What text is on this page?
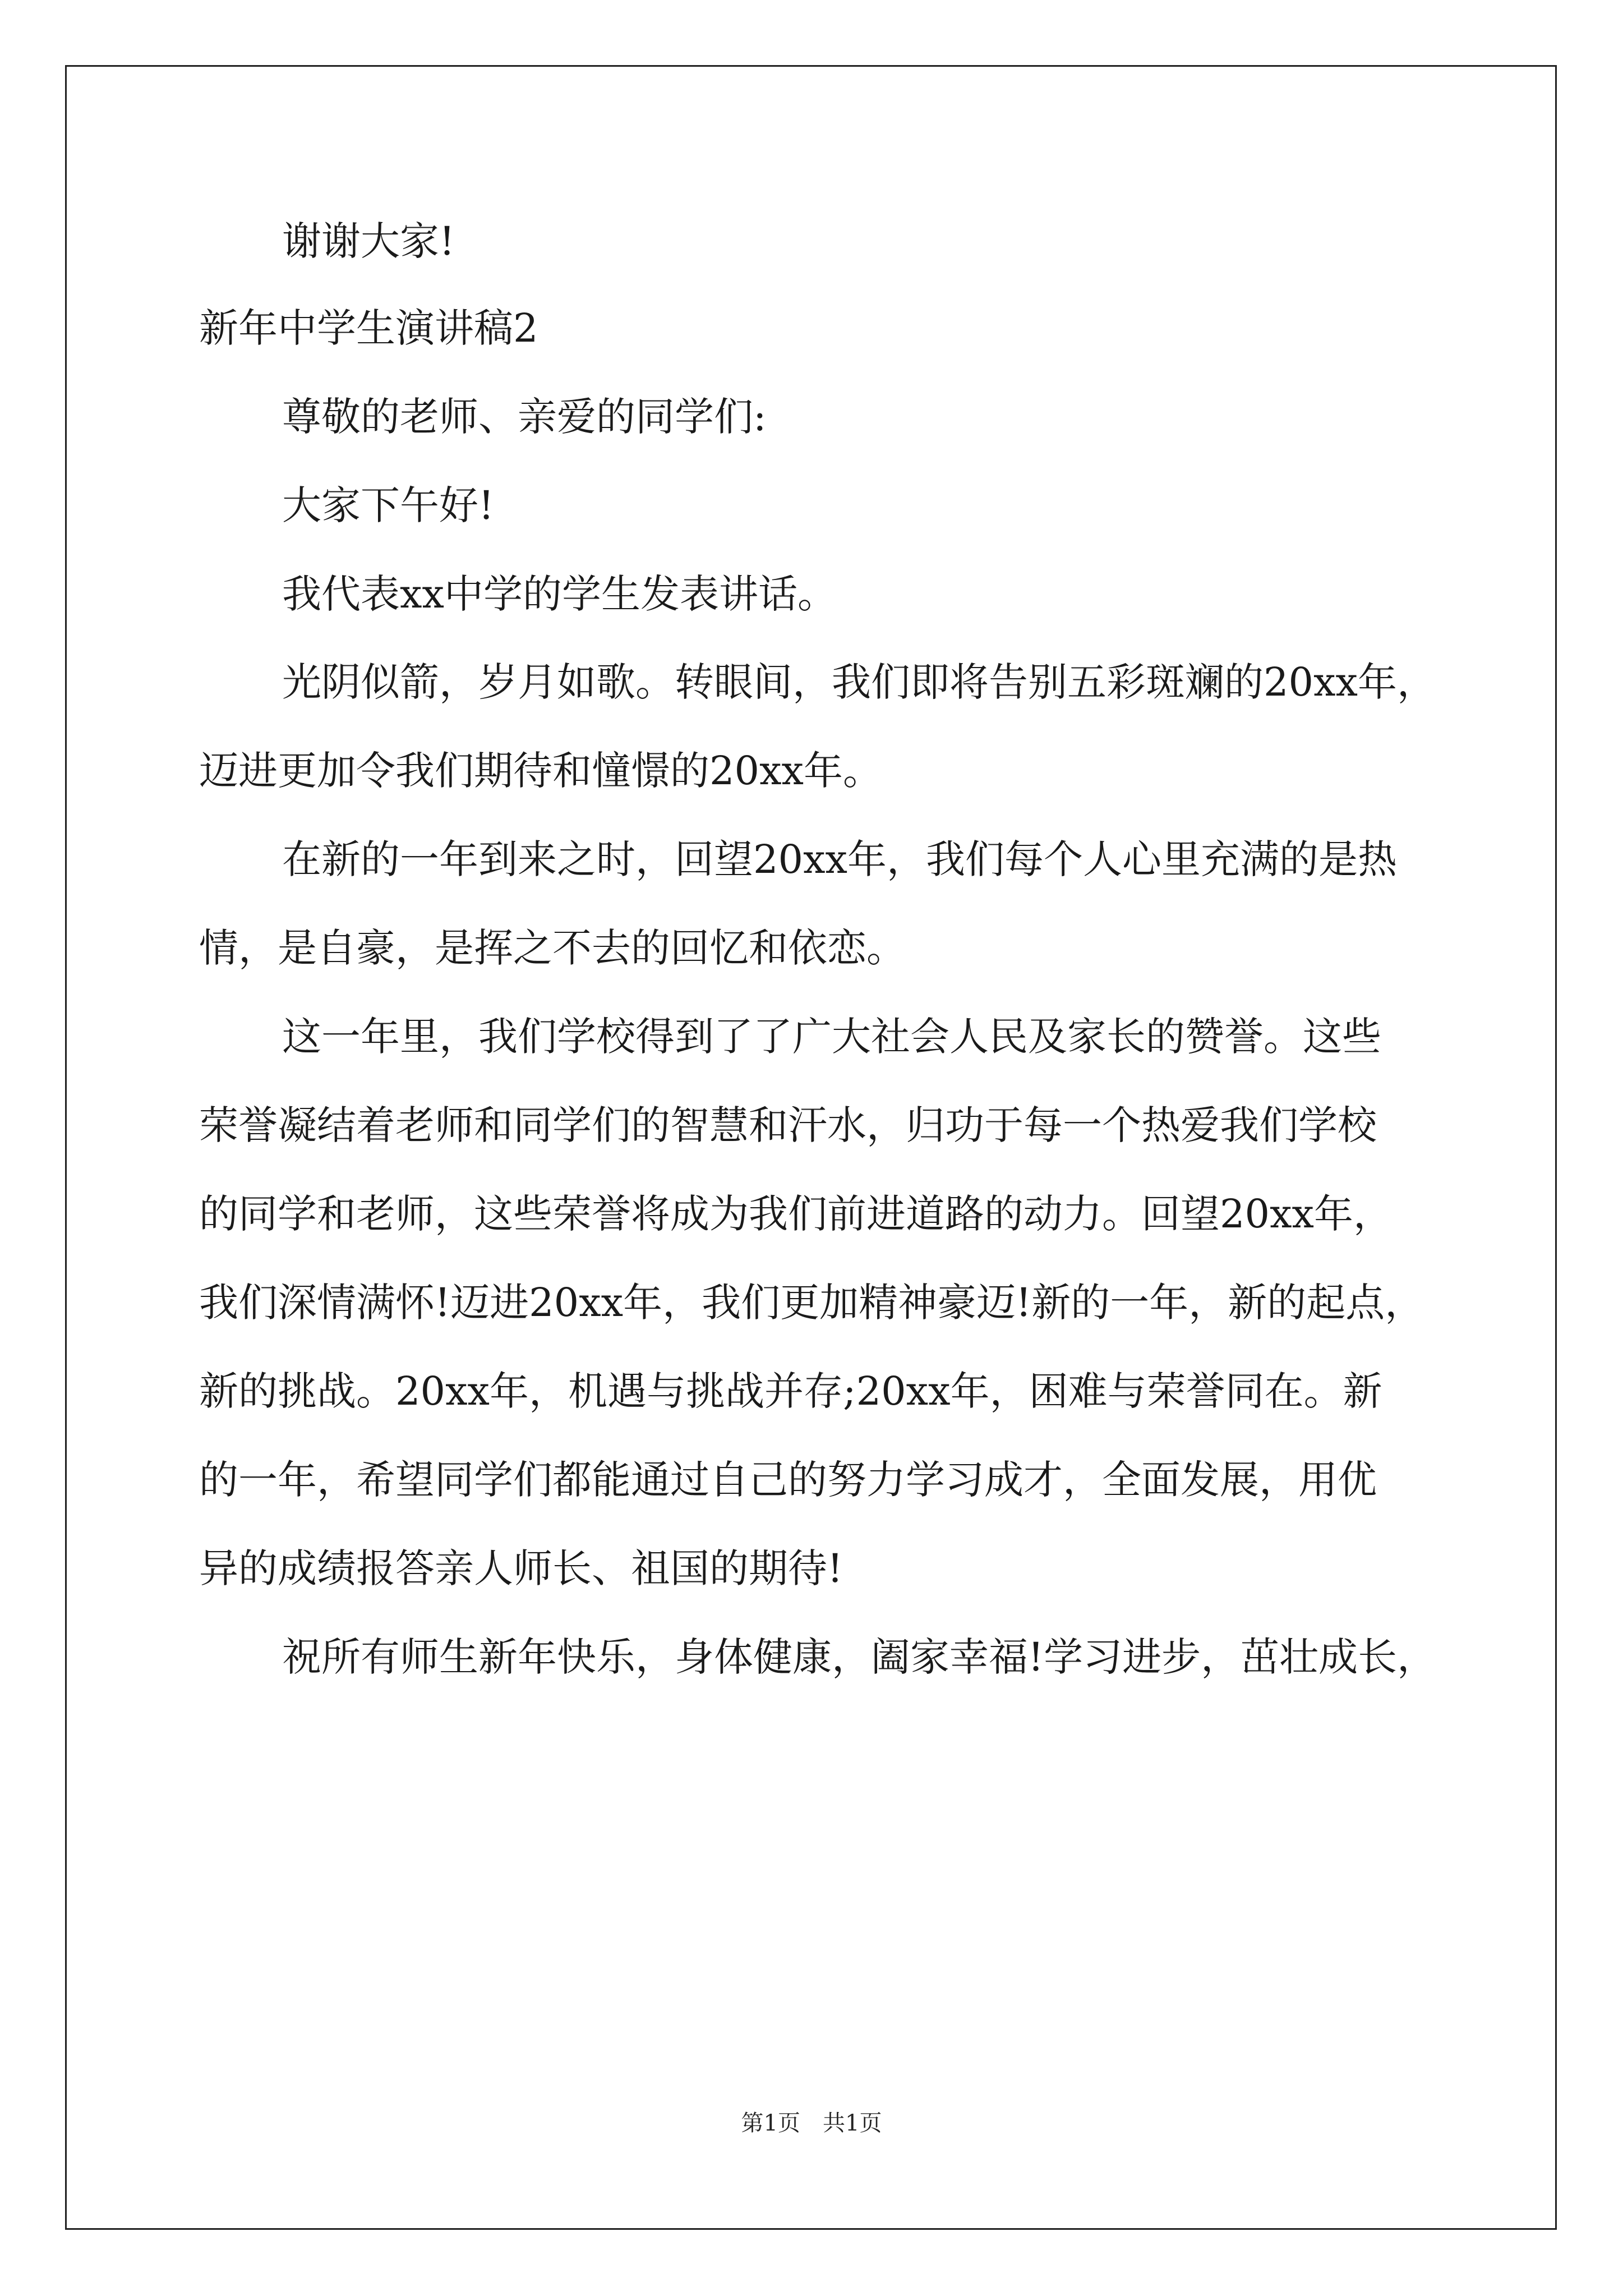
谢谢大家!
新年中学生演讲稿2
尊敬的老师、亲爱的同学们:
大家下午好!
我代表xx中学的学生发表讲话。
光阴似箭，岁月如歌。转眼间，我们即将告别五彩斑斓的20xx年，
迈进更加令我们期待和憧憬的20xx年。
在新的一年到来之时，回望20xx年，我们每个人心里充满的是热
情，是自豪，是挥之不去的回忆和依恋。
这一年里，我们学校得到了了广大社会人民及家长的赞誉。这些
荣誉凝结着老师和同学们的智慧和汗水，归功于每一个热爱我们学校
的同学和老师，这些荣誉将成为我们前进道路的动力。回望20xx年，
我们深情满怀!迈进20xx年，我们更加精神豪迈!新的一年，新的起点，
新的挑战。20xx年，机遇与挑战并存;20xx年，困难与荣誉同在。新
的一年，希望同学们都能通过自己的努力学习成才，全面发展，用优
异的成绩报答亲人师长、祖国的期待!
祝所有师生新年快乐，身体健康，阖家幸福!学习进步，茁壮成长，
第1页　共1页
